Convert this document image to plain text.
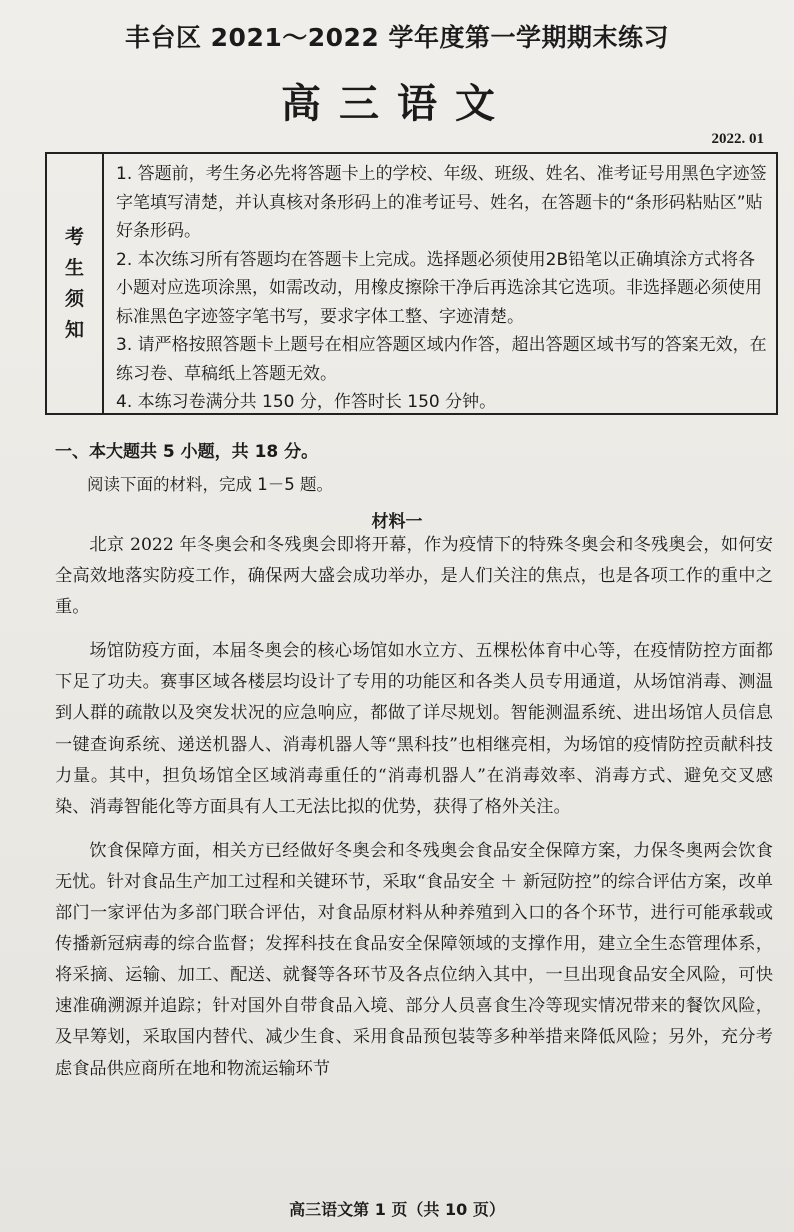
丰台区 2021～2022 学年度第一学期期末练习
高三语文
2022. 01
考
生
须
知

1. 答题前，考生务必先将答题卡上的学校、年级、班级、姓名、准考证号用黑色字迹签字笔填写清楚，并认真核对条形码上的准考证号、姓名，在答题卡的“条形码粘贴区”贴好条形码。

2. 本次练习所有答题均在答题卡上完成。选择题必须使用2B铅笔以正确填涂方式将各小题对应选项涂黑，如需改动，用橡皮擦除干净后再选涂其它选项。非选择题必须使用标准黑色字迹签字笔书写，要求字体工整、字迹清楚。

3. 请严格按照答题卡上题号在相应答题区域内作答，超出答题区域书写的答案无效，在练习卷、草稿纸上答题无效。

4. 本练习卷满分共 150 分，作答时长 150 分钟。

一、本大题共 5 小题，共 18 分。
阅读下面的材料，完成 1－5 题。
材料一

北京 2022 年冬奥会和冬残奥会即将开幕，作为疫情下的特殊冬奥会和冬残奥会，如何安全高效地落实防疫工作，确保两大盛会成功举办，是人们关注的焦点，也是各项工作的重中之重。

场馆防疫方面，本届冬奥会的核心场馆如水立方、五棵松体育中心等，在疫情防控方面都下足了功夫。赛事区域各楼层均设计了专用的功能区和各类人员专用通道，从场馆消毒、测温到人群的疏散以及突发状况的应急响应，都做了详尽规划。智能测温系统、进出场馆人员信息一键查询系统、递送机器人、消毒机器人等“黑科技”也相继亮相，为场馆的疫情防控贡献科技力量。其中，担负场馆全区域消毒重任的“消毒机器人”在消毒效率、消毒方式、避免交叉感染、消毒智能化等方面具有人工无法比拟的优势，获得了格外关注。

饮食保障方面，相关方已经做好冬奥会和冬残奥会食品安全保障方案，力保冬奥两会饮食无忧。针对食品生产加工过程和关键环节，采取“食品安全 ＋ 新冠防控”的综合评估方案，改单部门一家评估为多部门联合评估，对食品原材料从种养殖到入口的各个环节，进行可能承载或传播新冠病毒的综合监督；发挥科技在食品安全保障领域的支撑作用，建立全生态管理体系，将采摘、运输、加工、配送、就餐等各环节及各点位纳入其中，一旦出现食品安全风险，可快速准确溯源并追踪；针对国外自带食品入境、部分人员喜食生冷等现实情况带来的餐饮风险，及早筹划，采取国内替代、减少生食、采用食品预包装等多种举措来降低风险；另外，充分考虑食品供应商所在地和物流运输环节

高三语文第 1 页（共 10 页）
